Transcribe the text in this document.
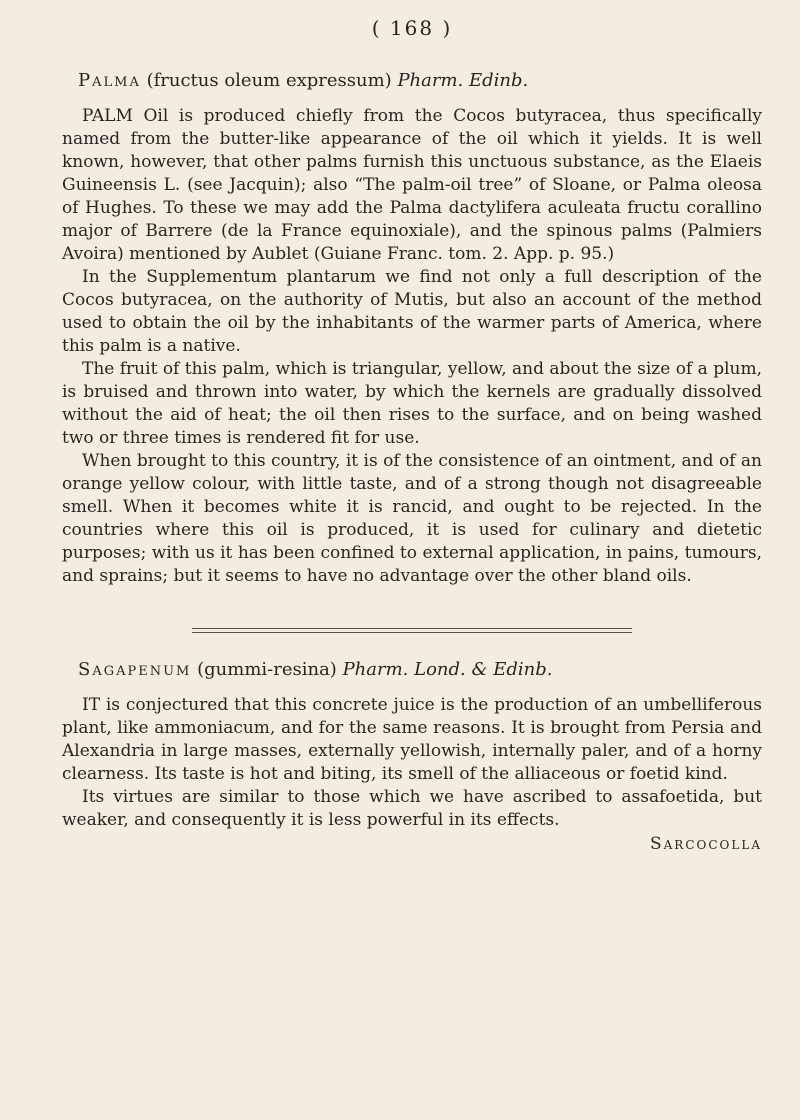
( 168 )
Palma (fructus oleum expressum) Pharm. Edinb.

PALM Oil is produced chiefly from the Cocos butyracea, thus specifically named from the butter-like appearance of the oil which it yields. It is well known, however, that other palms furnish this unctuous substance, as the Elaeis Guineensis L. (see Jacquin); also “The palm-oil tree” of Sloane, or Palma oleosa of Hughes. To these we may add the Palma dactylifera aculeata fructu corallino major of Barrere (de la France equinoxiale), and the spinous palms (Palmiers Avoira) mentioned by Aublet (Guiane Franc. tom. 2. App. p. 95.)

In the Supplementum plantarum we find not only a full description of the Cocos butyracea, on the authority of Mutis, but also an account of the method used to obtain the oil by the inhabitants of the warmer parts of America, where this palm is a native.

The fruit of this palm, which is triangular, yellow, and about the size of a plum, is bruised and thrown into water, by which the kernels are gradually dissolved without the aid of heat; the oil then rises to the surface, and on being washed two or three times is rendered fit for use.

When brought to this country, it is of the consistence of an ointment, and of an orange yellow colour, with little taste, and of a strong though not disagreeable smell. When it becomes white it is rancid, and ought to be rejected. In the countries where this oil is produced, it is used for culinary and dietetic purposes; with us it has been confined to external application, in pains, tumours, and sprains; but it seems to have no advantage over the other bland oils.

Sagapenum (gummi-resina) Pharm. Lond. & Edinb.

IT is conjectured that this concrete juice is the production of an umbelliferous plant, like ammoniacum, and for the same reasons. It is brought from Persia and Alexandria in large masses, externally yellowish, internally paler, and of a horny clearness. Its taste is hot and biting, its smell of the alliaceous or foetid kind.

Its virtues are similar to those which we have ascribed to assafoetida, but weaker, and consequently it is less powerful in its effects.

Sarcocolla
